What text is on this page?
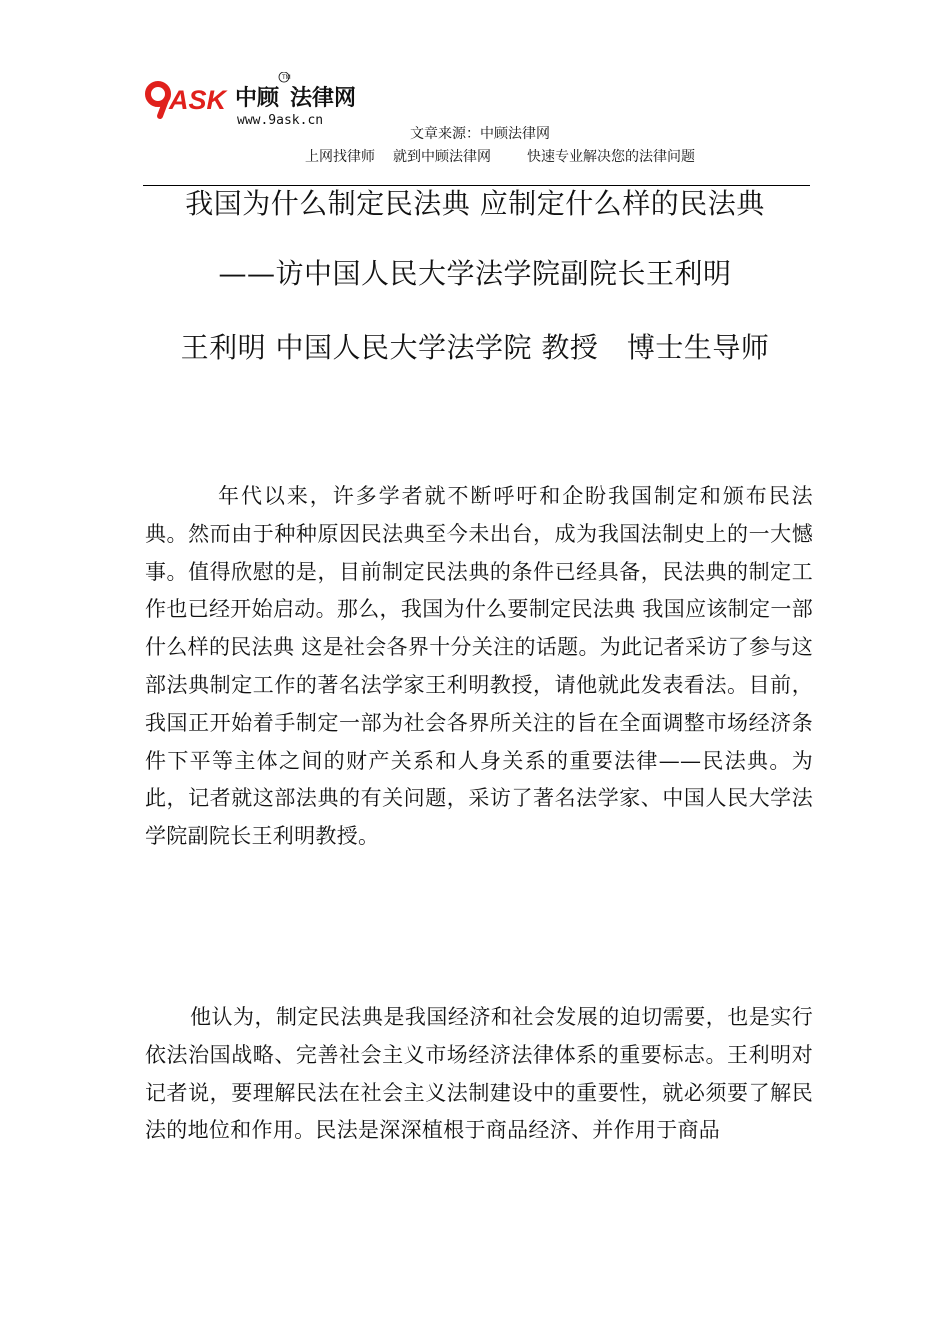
ASK 中顾
TM
法律网
www.9ask.cn
文章来源：中顾法律网
上网找律师 就到中顾法律网	快速专业解决您的法律问题
我国为什么制定民法典 应制定什么样的民法典
——访中国人民大学法学院副院长王利明
王利明 中国人民大学法学院 教授　博士生导师
年代以来，许多学者就不断呼吁和企盼我国制定和颁布民法典。然而由于种种原因民法典至今未出台，成为我国法制史上的一大憾事。值得欣慰的是，目前制定民法典的条件已经具备，民法典的制定工作也已经开始启动。那么，我国为什么要制定民法典 我国应该制定一部什么样的民法典 这是社会各界十分关注的话题。为此记者采访了参与这部法典制定工作的著名法学家王利明教授，请他就此发表看法。目前，我国正开始着手制定一部为社会各界所关注的旨在全面调整市场经济条件下平等主体之间的财产关系和人身关系的重要法律——民法典。为此，记者就这部法典的有关问题，采访了著名法学家、中国人民大学法学院副院长王利明教授。
他认为，制定民法典是我国经济和社会发展的迫切需要，也是实行依法治国战略、完善社会主义市场经济法律体系的重要标志。王利明对记者说，要理解民法在社会主义法制建设中的重要性，就必须要了解民法的地位和作用。民法是深深植根于商品经济、并作用于商品
